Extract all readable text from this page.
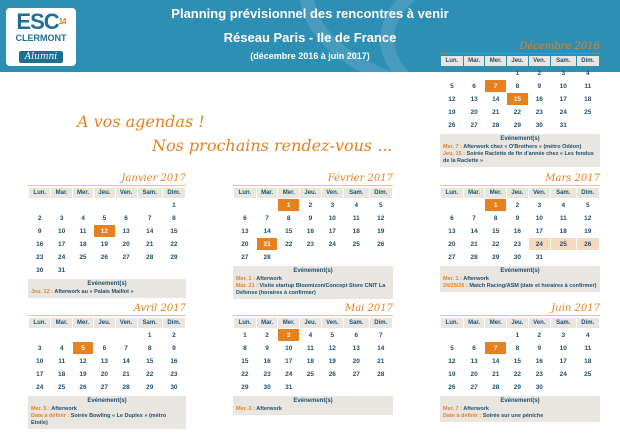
ESC$^{14}$
CLERMONT
Alumni
Planning prévisionnel des rencontres à venir
Réseau Paris - Ile de France
(décembre 2016 à juin 2017)
A vos agendas !
Nos prochains rendez-vous ...
Décembre 2016
Lun.	Mar.	Mer.	Jeu.	Ven.	Sam.	Dim.
			1	2	3	4
5	6	7	8	9	10	11
12	13	14	15	16	17	18
19	20	21	22	23	24	25
26	27	28	29	30	31	
Evénement(s)
Mer. 7 : Afterwork chez « O'Brothers » (métro Odéon)
Jeu. 15 : Soirée Raclette de fin d'année chez « Les fondus de la Raclette »
Janvier 2017
Lun.	Mar.	Mer.	Jeu.	Ven.	Sam.	Dim.
						1
2	3	4	5	6	7	8
9	10	11	12	13	14	15
16	17	18	19	20	21	22
23	24	25	26	27	28	29
30	31					
Evénement(s)
Jeu. 12 : Afterwork au « Palais Maillot »
Février 2017
Lun.	Mar.	Mer.	Jeu.	Ven.	Sam.	Dim.
		1	2	3	4	5
6	7	8	9	10	11	12
13	14	15	16	17	18	19
20	21	22	23	24	25	26
27	28					
Evénement(s)
Mer. 1 : Afterwork
Mar. 21 : Visite startup Bloomizon/Concept Store CNIT La Défense (horaires à confirmer)
Mars 2017
Lun.	Mar.	Mer.	Jeu.	Ven.	Sam.	Dim.
		1	2	3	4	5
6	7	8	9	10	11	12
13	14	15	16	17	18	19
20	21	22	23	24	25	26
27	28	29	30	31		
Evénement(s)
Mer. 1 : Afterwork
24/25/26 : Match Racing/ASM (date et horaires à confirmer)
Avril 2017
Lun.	Mar.	Mer.	Jeu.	Ven.	Sam.	Dim.
					1	2
3	4	5	6	7	8	9
10	11	12	13	14	15	16
17	18	19	20	21	22	23
24	25	26	27	28	29	30
Evénement(s)
Mer. 5 : Afterwork
Date à définir : Soirée Bowling « Le Duplex » (métro Etoile)
Mai 2017
Lun.	Mar.	Mer.	Jeu.	Ven.	Sam.	Dim.
1	2	3	4	5	6	7
8	9	10	11	12	13	14
15	16	17	18	19	20	21
22	23	24	25	26	27	28
29	30	31				
Evénement(s)
Mer. 3 : Afterwork
Juin 2017
Lun.	Mar.	Mer.	Jeu.	Ven.	Sam.	Dim.
			1	2	3	4
5	6	7	8	9	10	11
12	13	14	15	16	17	18
19	20	21	22	23	24	25
26	27	28	29	30		
Evénement(s)
Mer. 7 : Afterwork
Date à définir : Soirée sur une péniche
